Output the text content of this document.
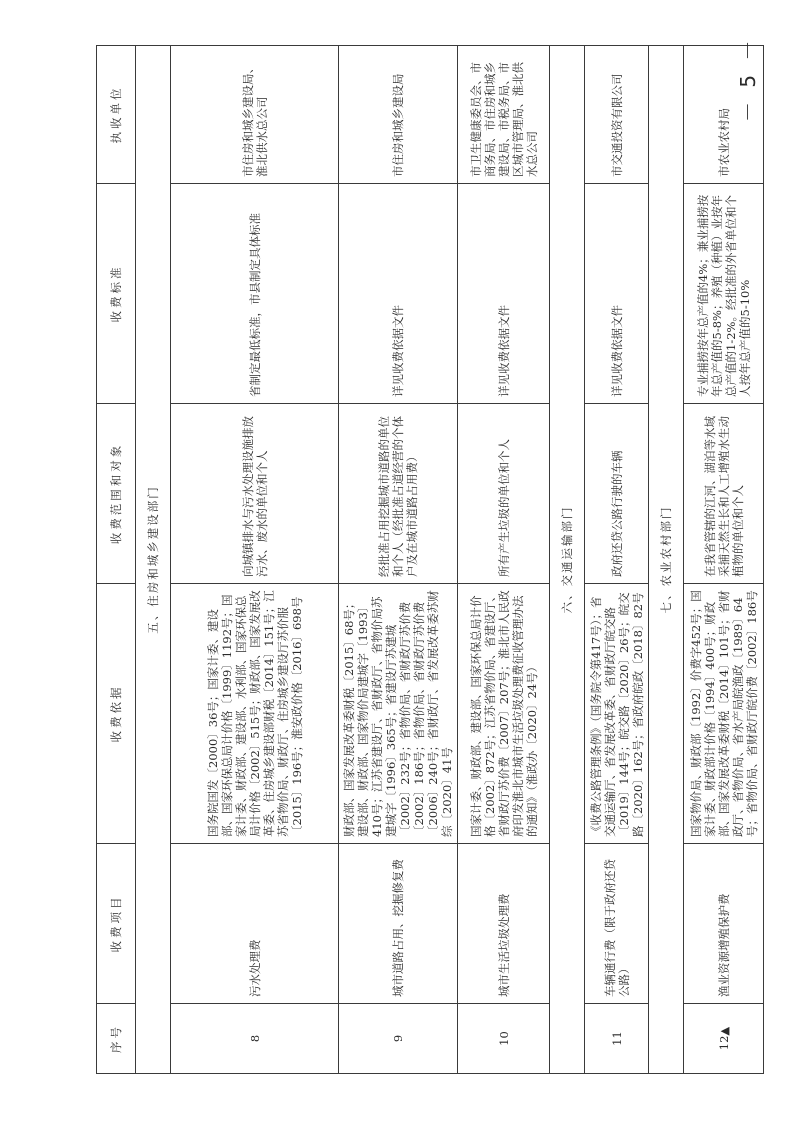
序号	收费项目	收费依据	收费范围和对象	收费标准	执收单位
五、住房和城乡建设部门					
8	污水处理费	国务院国发〔2000〕36号；国家计委、建设部、国家环保总局计价格〔1999〕1192号；国家计委、财政部、建设部、水利部、国家环保总局计价格〔2002〕515号；财政部、国家发展改革委、住房城乡建设部财税〔2014〕151号；江苏省物价局、财政厅、住房城乡建设厅苏价服〔2015〕196号；淮安政价格〔2016〕698号	向城镇排水与污水处理设施排放污水、废水的单位和个人	省制定最低标准，市县制定具体标准	市住房和城乡建设局、淮北供水总公司
9	城市道路占用、挖掘修复费	财政部、国家发展改革委财税〔2015〕68号；建设部、财政部、国家物价局建城字〔1993〕410号；江苏省建设厅、省财政厅、省物价局苏建城字〔1996〕365号；省建设厅苏建城〔2002〕232号；省物价局、省财政厅苏价费〔2002〕186号；省物价局、省财政厅苏价费〔2006〕240号；省财政厅、省发展改革委苏财综〔2020〕41号	经批准占用挖掘城市道路的单位和个人（经批准占道经营的个体户及在城市道路占用费）	详见收费依据文件	市住房和城乡建设局
10	城市生活垃圾处理费	国家计委、财政部、建设部、国家环保总局计价格〔2002〕872号；江苏省物价局、省建设厅、省财政厅苏价费〔2007〕207号；淮北市人民政府印发淮北市城市生活垃圾处理费征收管理办法的通知》（淮政办〔2020〕24号）	所有产生垃圾的单位和个人	详见收费依据文件	市卫生健康委员会、市商务局、市住房和城乡建设局、市税务局、市区城市管理局、淮北供水总公司
六、交通运输部门					
11	车辆通行费（限于政府还贷公路）	《收费公路管理条例》（国务院令第417号）；省交通运输厅、省发展改革委、省财政厅皖交路〔2019〕144号；皖交路〔2020〕26号；皖交路〔2020〕162号；省政府皖政〔2018〕82号	政府还贷公路行驶的车辆	详见收费依据文件	市交通投资有限公司
七、农业农村部门					
12▲	渔业资源增殖保护费	国家物价局、财政部〔1992〕价费字452号；国家计委、财政部计价格〔1994〕400号；财政部、国家发展改革委财税〔2014〕101号；省财政厅、省物价局、省水产局皖渔政〔1989〕64号；省物价局、省财政厅皖价费〔2002〕186号	在我省管辖的江河、湖泊等水域采捕天然生长和人工增殖水生动植物的单位和个人	专业捕捞按年总产值的4%；兼业捕捞按年总产值的5-8%；养殖（种植）业按年总产值的1-2%。经批准的外省单位和个人按年总产值的5-10%	市农业农村局
－ 5 －
